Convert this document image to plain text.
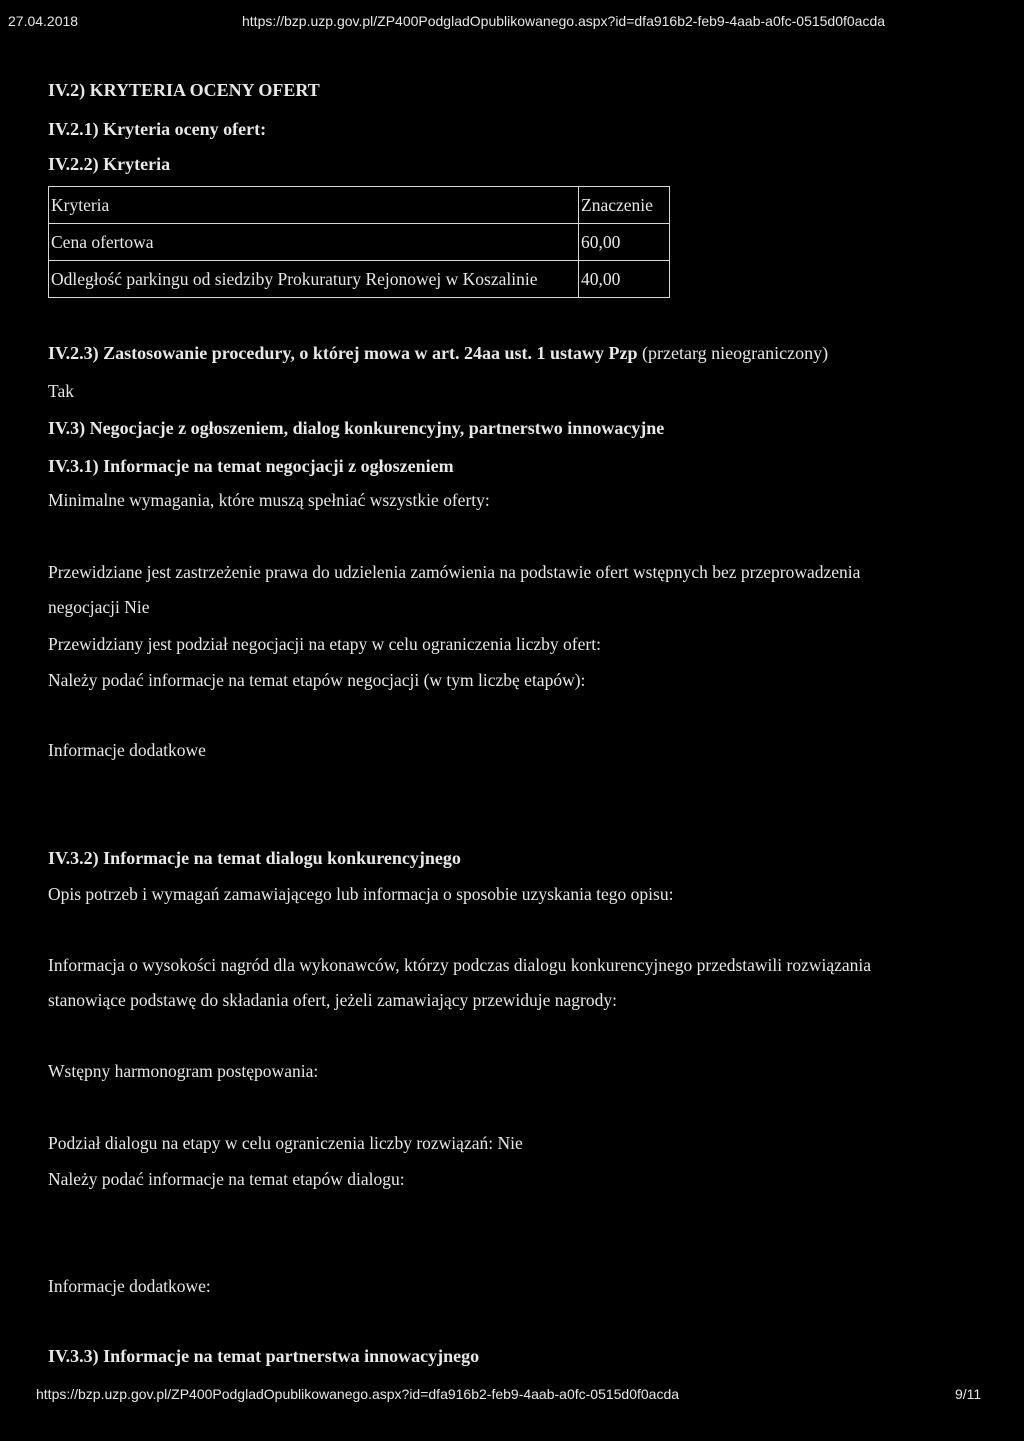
27.04.2018	https://bzp.uzp.gov.pl/ZP400PodgladOpublikowanego.aspx?id=dfa916b2-feb9-4aab-a0fc-0515d0f0acda
IV.2) KRYTERIA OCENY OFERT
IV.2.1) Kryteria oceny ofert:
IV.2.2) Kryteria
Kryteria	Znaczenie
Cena ofertowa	60,00
Odległość parkingu od siedziby Prokuratury Rejonowej w Koszalinie	40,00
IV.2.3) Zastosowanie procedury, o której mowa w art. 24aa ust. 1 ustawy Pzp (przetarg nieograniczony)
Tak
IV.3) Negocjacje z ogłoszeniem, dialog konkurencyjny, partnerstwo innowacyjne
IV.3.1) Informacje na temat negocjacji z ogłoszeniem
Minimalne wymagania, które muszą spełniać wszystkie oferty:
Przewidziane jest zastrzeżenie prawa do udzielenia zamówienia na podstawie ofert wstępnych bez przeprowadzenia
negocjacji Nie
Przewidziany jest podział negocjacji na etapy w celu ograniczenia liczby ofert:
Należy podać informacje na temat etapów negocjacji (w tym liczbę etapów):
Informacje dodatkowe
IV.3.2) Informacje na temat dialogu konkurencyjnego
Opis potrzeb i wymagań zamawiającego lub informacja o sposobie uzyskania tego opisu:
Informacja o wysokości nagród dla wykonawców, którzy podczas dialogu konkurencyjnego przedstawili rozwiązania
stanowiące podstawę do składania ofert, jeżeli zamawiający przewiduje nagrody:
Wstępny harmonogram postępowania:
Podział dialogu na etapy w celu ograniczenia liczby rozwiązań: Nie
Należy podać informacje na temat etapów dialogu:
Informacje dodatkowe:
IV.3.3) Informacje na temat partnerstwa innowacyjnego
https://bzp.uzp.gov.pl/ZP400PodgladOpublikowanego.aspx?id=dfa916b2-feb9-4aab-a0fc-0515d0f0acda	9/11
